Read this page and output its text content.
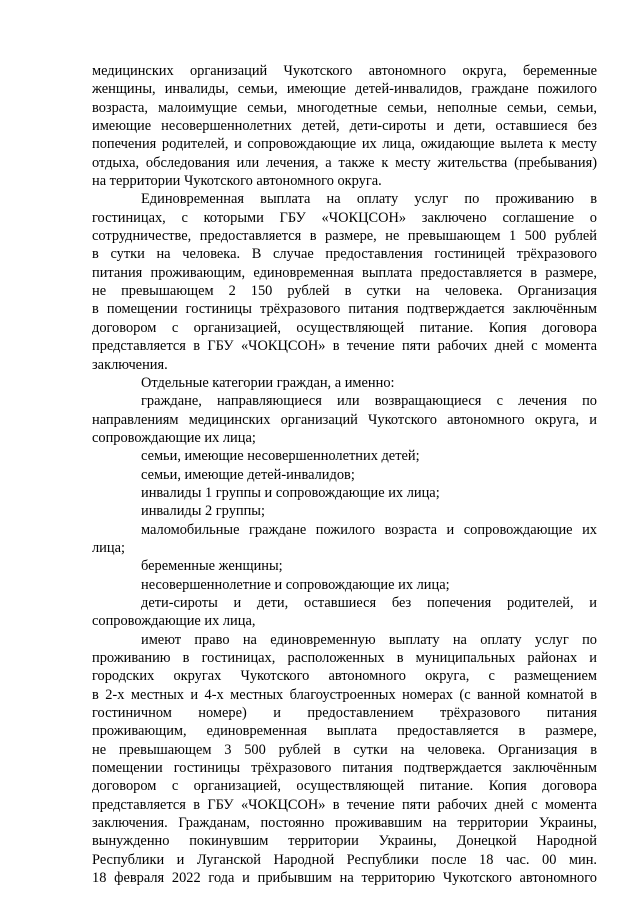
медицинских организаций Чукотского автономного округа, беременные
женщины, инвалиды, семьи, имеющие детей-инвалидов, граждане пожилого
возраста, малоимущие семьи, многодетные семьи, неполные семьи, семьи,
имеющие несовершеннолетних детей, дети-сироты и дети, оставшиеся без
попечения родителей, и сопровождающие их лица, ожидающие вылета к месту
отдыха, обследования или лечения, а также к месту жительства (пребывания)
на территории Чукотского автономного округа.
Единовременная выплата на оплату услуг по проживанию в
гостиницах, с которыми ГБУ «ЧОКЦСОН» заключено соглашение о
сотрудничестве, предоставляется в размере, не превышающем 1 500 рублей
в сутки на человека. В случае предоставления гостиницей трёхразового
питания проживающим, единовременная выплата предоставляется в размере,
не превышающем 2 150 рублей в сутки на человека. Организация
в помещении гостиницы трёхразового питания подтверждается заключённым
договором с организацией, осуществляющей питание. Копия договора
представляется в ГБУ «ЧОКЦСОН» в течение пяти рабочих дней с момента
заключения.
Отдельные категории граждан, а именно:
граждане, направляющиеся или возвращающиеся с лечения по
направлениям медицинских организаций Чукотского автономного округа, и
сопровождающие их лица;
семьи, имеющие несовершеннолетних детей;
семьи, имеющие детей-инвалидов;
инвалиды 1 группы и сопровождающие их лица;
инвалиды 2 группы;
маломобильные граждане пожилого возраста и сопровождающие их
лица;
беременные женщины;
несовершеннолетние и сопровождающие их лица;
дети-сироты и дети, оставшиеся без попечения родителей, и
сопровождающие их лица,
имеют право на единовременную выплату на оплату услуг по
проживанию в гостиницах, расположенных в муниципальных районах и
городских округах Чукотского автономного округа, с размещением
в 2-х местных и 4-х местных благоустроенных номерах (с ванной комнатой в
гостиничном номере) и предоставлением трёхразового питания
проживающим, единовременная выплата предоставляется в размере,
не превышающем 3 500 рублей в сутки на человека. Организация в
помещении гостиницы трёхразового питания подтверждается заключённым
договором с организацией, осуществляющей питание. Копия договора
представляется в ГБУ «ЧОКЦСОН» в течение пяти рабочих дней с момента
заключения. Гражданам, постоянно проживавшим на территории Украины,
вынужденно покинувшим территории Украины, Донецкой Народной
Республики и Луганской Народной Республики после 18 час. 00 мин.
18 февраля 2022 года и прибывшим на территорию Чукотского автономного
